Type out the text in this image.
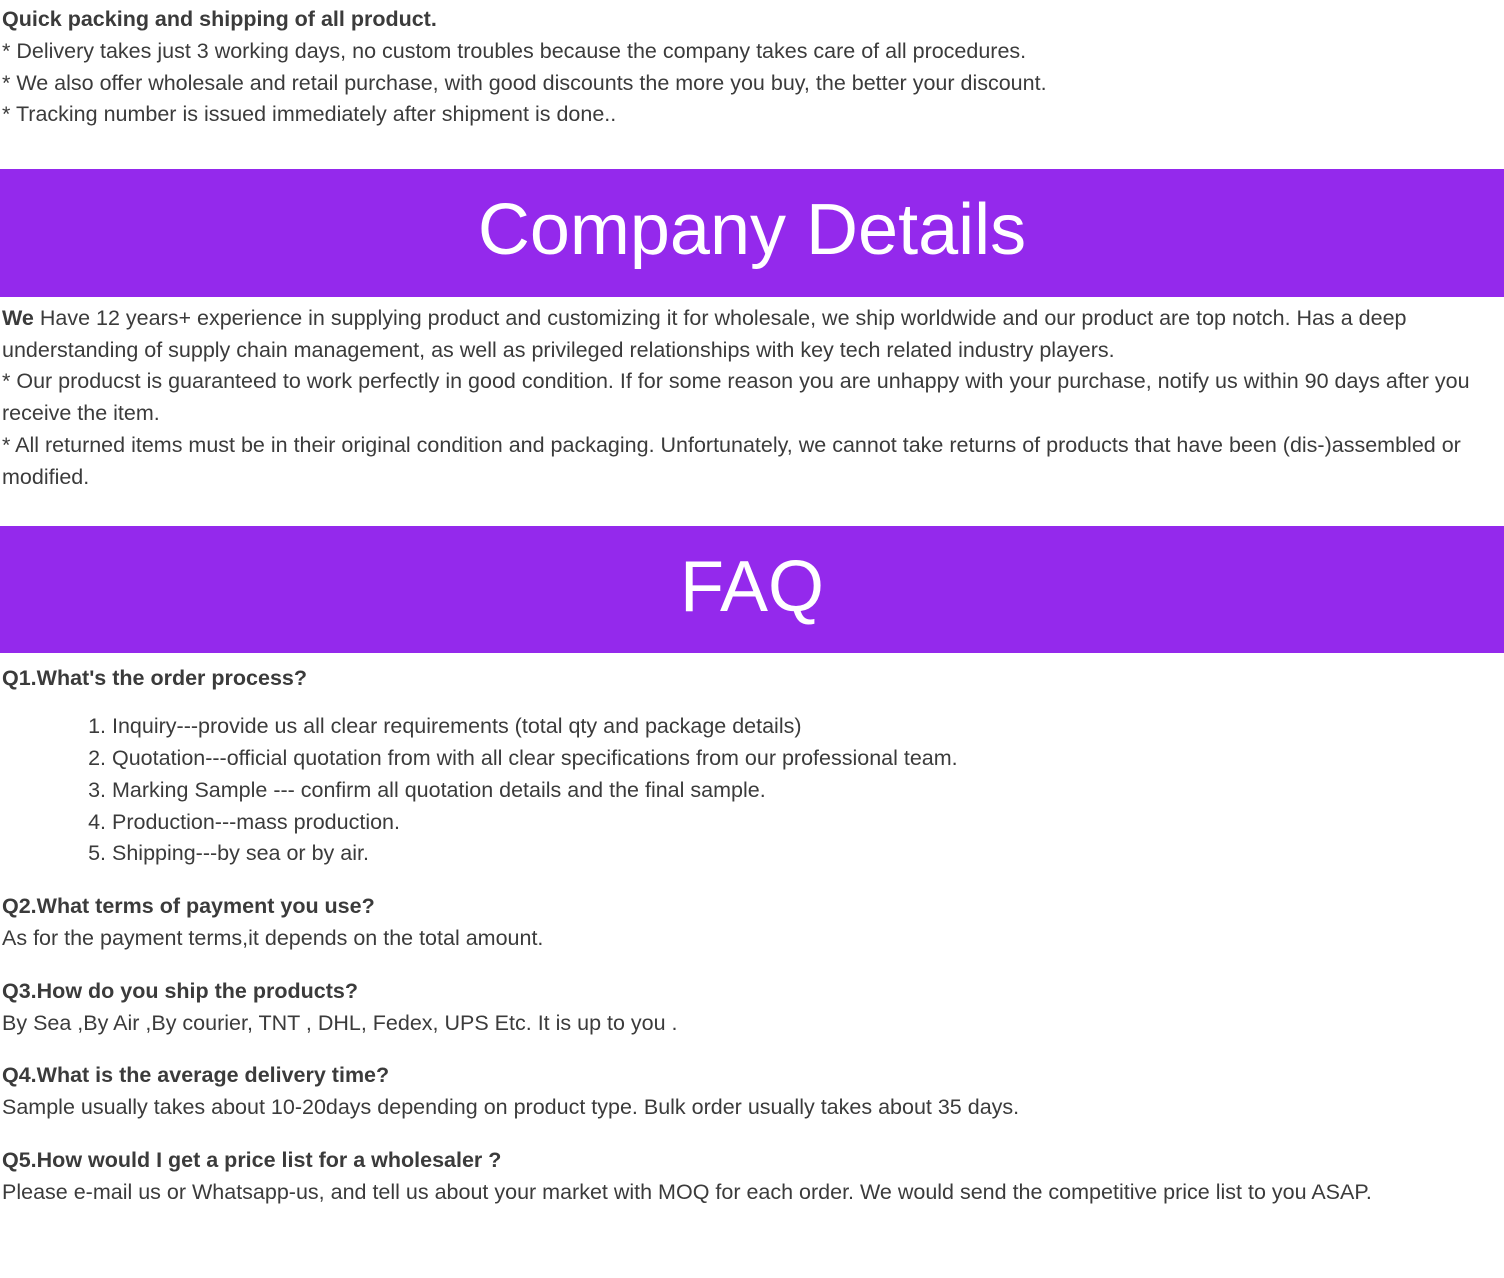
Quick packing and shipping of all product.

* Delivery takes just 3 working days, no custom troubles because the company takes care of all procedures.

* We also offer wholesale and retail purchase, with good discounts the more you buy, the better your discount.

* Tracking number is issued immediately after shipment is done..

Company Details

We Have 12 years+ experience in supplying product and customizing it for wholesale, we ship worldwide and our product are top notch. Has a deep understanding of supply chain management, as well as privileged relationships with key tech related industry players.

* Our producst is guaranteed to work perfectly in good condition. If for some reason you are unhappy with your purchase, notify us within 90 days after you receive the item.

* All returned items must be in their original condition and packaging. Unfortunately, we cannot take returns of products that have been (dis-)assembled or modified.

FAQ

Q1.What's the order process?

1. Inquiry---provide us all clear requirements (total qty and package details)
2. Quotation---official quotation from with all clear specifications from our professional team.
3. Marking Sample --- confirm all quotation details and the final sample.
4. Production---mass production.
5. Shipping---by sea or by air.

Q2.What terms of payment you use?

As for the payment terms,it depends on the total amount.

Q3.How do you ship the products?

By Sea ,By Air ,By courier, TNT , DHL, Fedex, UPS Etc. It is up to you .

Q4.What is the average delivery time?

Sample usually takes about 10-20days depending on product type. Bulk order usually takes about 35 days.

Q5.How would I get a price list for a wholesaler ?

Please e-mail us or Whatsapp-us, and tell us about your market with MOQ for each order. We would send the competitive price list to you ASAP.
